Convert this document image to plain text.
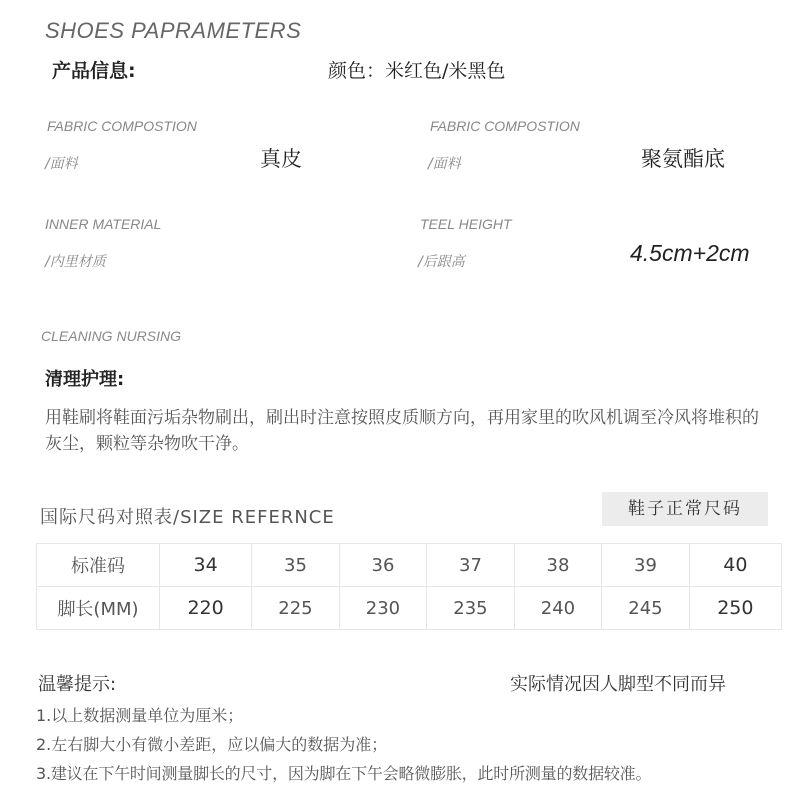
SHOES PAPRAMETERS
产品信息:	颜色：米红色/米黑色
FABRIC COMPOSTION
/面料	真皮
FABRIC COMPOSTION
/面料	聚氨酯底
INNER MATERIAL
/内里材质
TEEL HEIGHT
/后跟高	4.5cm+2cm
CLEANING NURSING
清理护理:
用鞋刷将鞋面污垢杂物刷出，刷出时注意按照皮质顺方向，再用家里的吹风机调至冷风将堆积的灰尘，颗粒等杂物吹干净。
国际尺码对照表/SIZE REFERNCE	鞋子正常尺码
标准码	34	35	36	37	38	39	40
脚长(MM)	220	225	230	235	240	245	250
温馨提示:	实际情况因人脚型不同而异
1.以上数据测量单位为厘米；
2.左右脚大小有微小差距，应以偏大的数据为准；
3.建议在下午时间测量脚长的尺寸，因为脚在下午会略微膨胀，此时所测量的数据较准。
